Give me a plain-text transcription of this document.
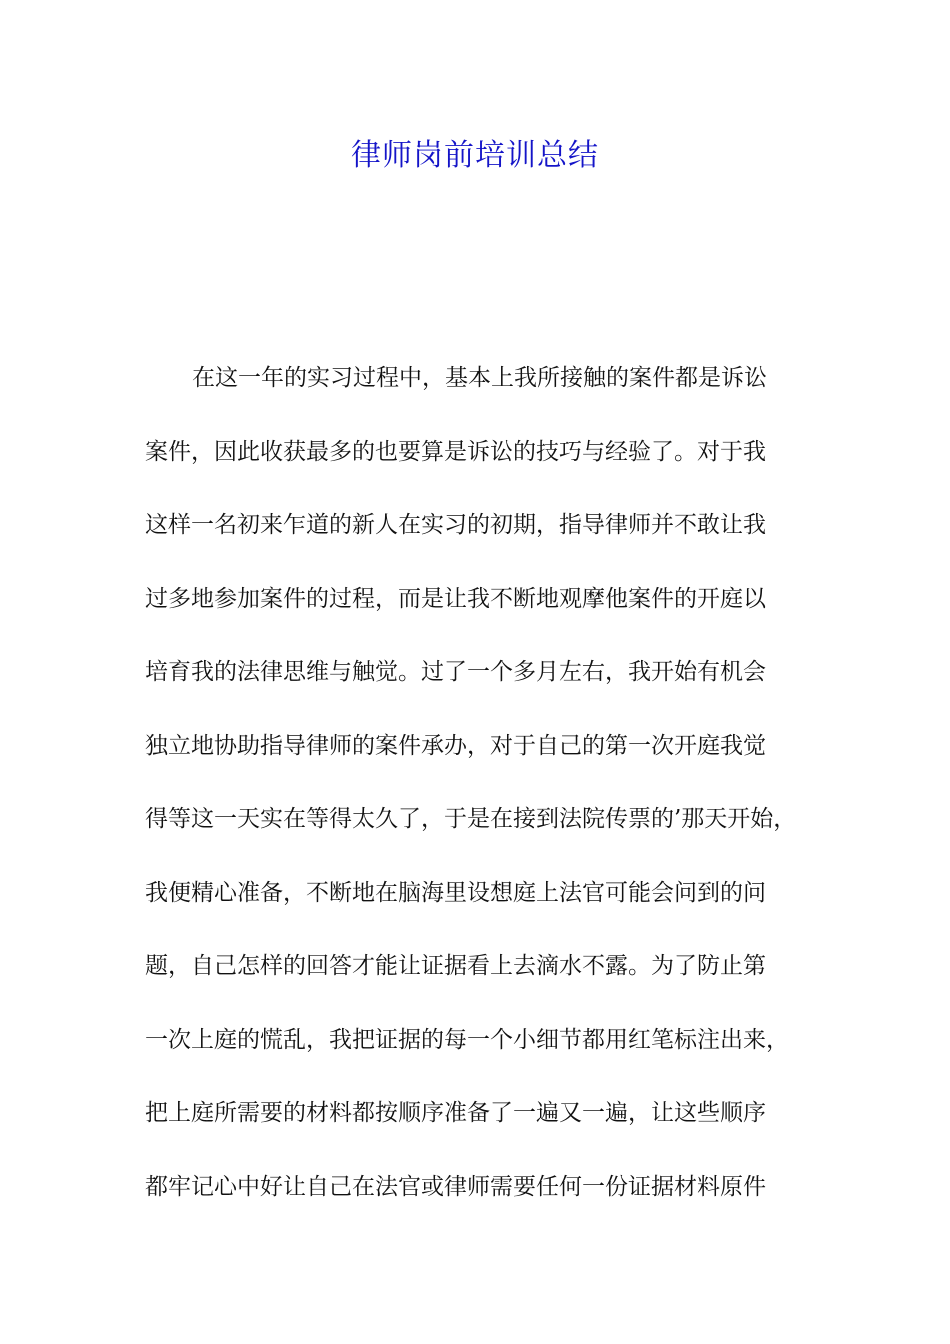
律师岗前培训总结
在这一年的实习过程中，基本上我所接触的案件都是诉讼
案件，因此收获最多的也要算是诉讼的技巧与经验了。对于我
这样一名初来乍道的新人在实习的初期，指导律师并不敢让我
过多地参加案件的过程，而是让我不断地观摩他案件的开庭以
培育我的法律思维与触觉。过了一个多月左右，我开始有机会
独立地协助指导律师的案件承办，对于自己的第一次开庭我觉
得等这一天实在等得太久了，于是在接到法院传票的’那天开始，
我便精心准备，不断地在脑海里设想庭上法官可能会问到的问
题，自己怎样的回答才能让证据看上去滴水不露。为了防止第
一次上庭的慌乱，我把证据的每一个小细节都用红笔标注出来，
把上庭所需要的材料都按顺序准备了一遍又一遍，让这些顺序
都牢记心中好让自己在法官或律师需要任何一份证据材料原件
